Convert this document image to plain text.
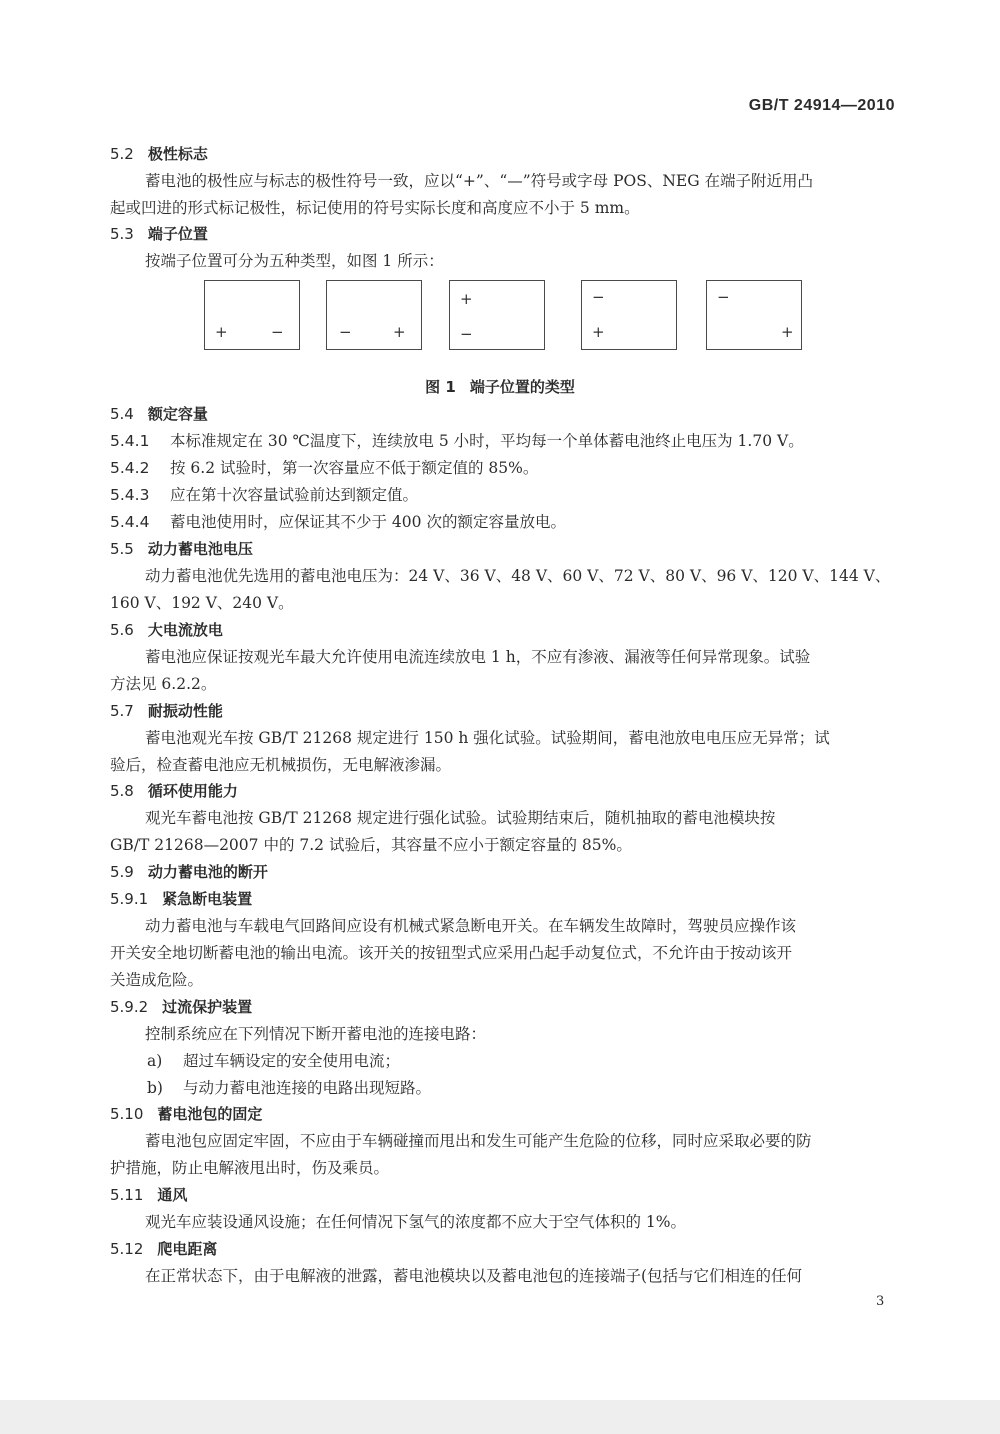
GB/T 24914—2010
5.2 极性标志
蓄电池的极性应与标志的极性符号一致，应以“+”、“—”符号或字母 POS、NEG 在端子附近用凸
起或凹进的形式标记极性，标记使用的符号实际长度和高度应不小于 5 mm。
5.3 端子位置
按端子位置可分为五种类型，如图 1 所示：
+	−	−	+
+
−
−
+
−
+
图 1 端子位置的类型
5.4 额定容量
5.4.1 本标准规定在 30 ℃温度下，连续放电 5 小时，平均每一个单体蓄电池终止电压为 1.70 V。
5.4.2 按 6.2 试验时，第一次容量应不低于额定值的 85%。
5.4.3 应在第十次容量试验前达到额定值。
5.4.4 蓄电池使用时，应保证其不少于 400 次的额定容量放电。
5.5 动力蓄电池电压
动力蓄电池优先选用的蓄电池电压为：24 V、36 V、48 V、60 V、72 V、80 V、96 V、120 V、144 V、
160 V、192 V、240 V。
5.6 大电流放电
蓄电池应保证按观光车最大允许使用电流连续放电 1 h，不应有渗液、漏液等任何异常现象。试验
方法见 6.2.2。
5.7 耐振动性能
蓄电池观光车按 GB/T 21268 规定进行 150 h 强化试验。试验期间，蓄电池放电电压应无异常；试
验后，检查蓄电池应无机械损伤，无电解液渗漏。
5.8 循环使用能力
观光车蓄电池按 GB/T 21268 规定进行强化试验。试验期结束后，随机抽取的蓄电池模块按
GB/T 21268—2007 中的 7.2 试验后，其容量不应小于额定容量的 85%。
5.9 动力蓄电池的断开
5.9.1 紧急断电装置
动力蓄电池与车载电气回路间应设有机械式紧急断电开关。在车辆发生故障时，驾驶员应操作该
开关安全地切断蓄电池的输出电流。该开关的按钮型式应采用凸起手动复位式，不允许由于按动该开
关造成危险。
5.9.2 过流保护装置
控制系统应在下列情况下断开蓄电池的连接电路：
a) 超过车辆设定的安全使用电流；
b) 与动力蓄电池连接的电路出现短路。
5.10 蓄电池包的固定
蓄电池包应固定牢固，不应由于车辆碰撞而甩出和发生可能产生危险的位移，同时应采取必要的防
护措施，防止电解液甩出时，伤及乘员。
5.11 通风
观光车应装设通风设施；在任何情况下氢气的浓度都不应大于空气体积的 1%。
5.12 爬电距离
在正常状态下，由于电解液的泄露，蓄电池模块以及蓄电池包的连接端子(包括与它们相连的任何
3
